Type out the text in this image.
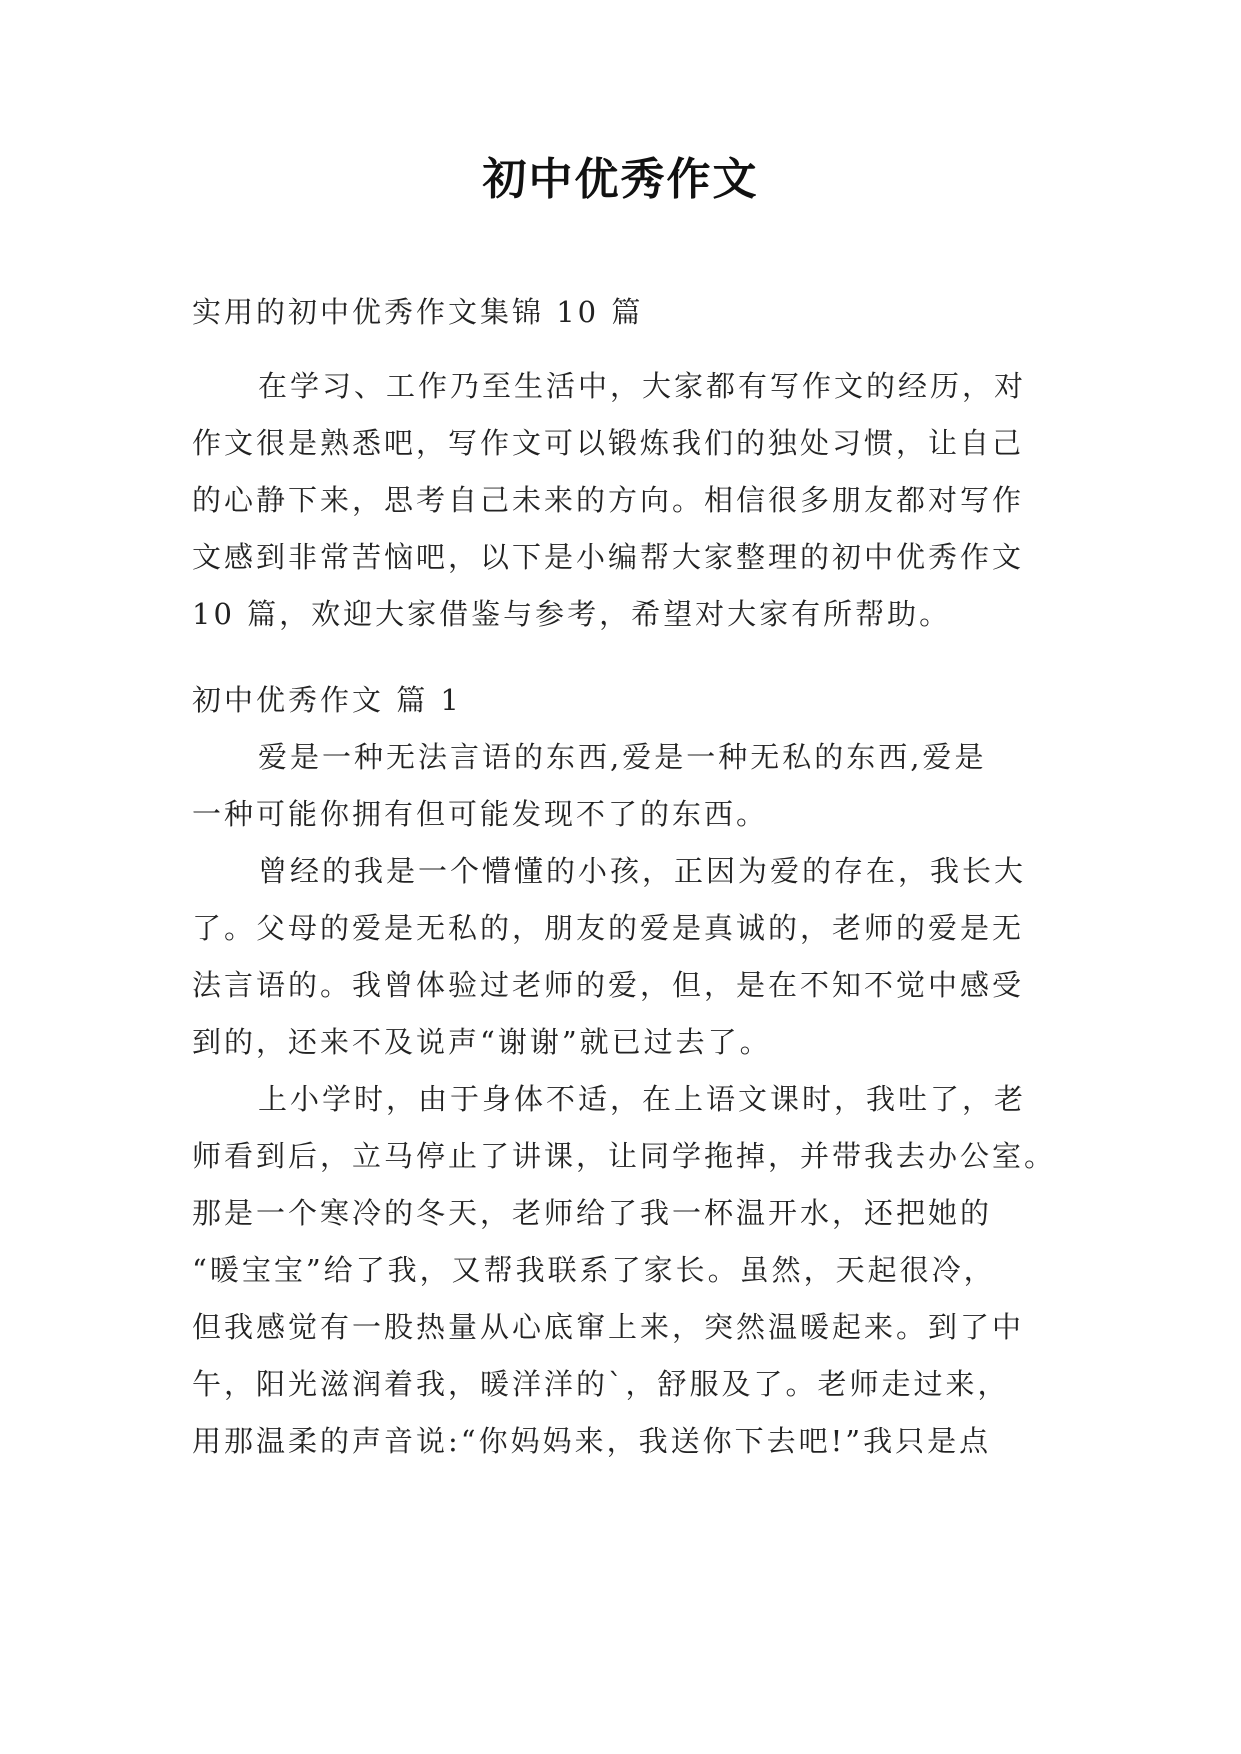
初中优秀作文
实用的初中优秀作文集锦 10 篇
在学习、工作乃至生活中，大家都有写作文的经历，对
作文很是熟悉吧，写作文可以锻炼我们的独处习惯，让自己
的心静下来，思考自己未来的方向。相信很多朋友都对写作
文感到非常苦恼吧，以下是小编帮大家整理的初中优秀作文
10 篇，欢迎大家借鉴与参考，希望对大家有所帮助。
初中优秀作文 篇 1
爱是一种无法言语的东西,爱是一种无私的东西,爱是
一种可能你拥有但可能发现不了的东西。
曾经的我是一个懵懂的小孩，正因为爱的存在，我长大
了。父母的爱是无私的，朋友的爱是真诚的，老师的爱是无
法言语的。我曾体验过老师的爱，但，是在不知不觉中感受
到的，还来不及说声“谢谢”就已过去了。
上小学时，由于身体不适，在上语文课时，我吐了，老
师看到后，立马停止了讲课，让同学拖掉，并带我去办公室。
那是一个寒冷的冬天，老师给了我一杯温开水，还把她的
“暖宝宝”给了我，又帮我联系了家长。虽然，天起很冷，
但我感觉有一股热量从心底窜上来，突然温暖起来。到了中
午，阳光滋润着我，暖洋洋的`，舒服及了。老师走过来，
用那温柔的声音说:“你妈妈来，我送你下去吧!”我只是点
